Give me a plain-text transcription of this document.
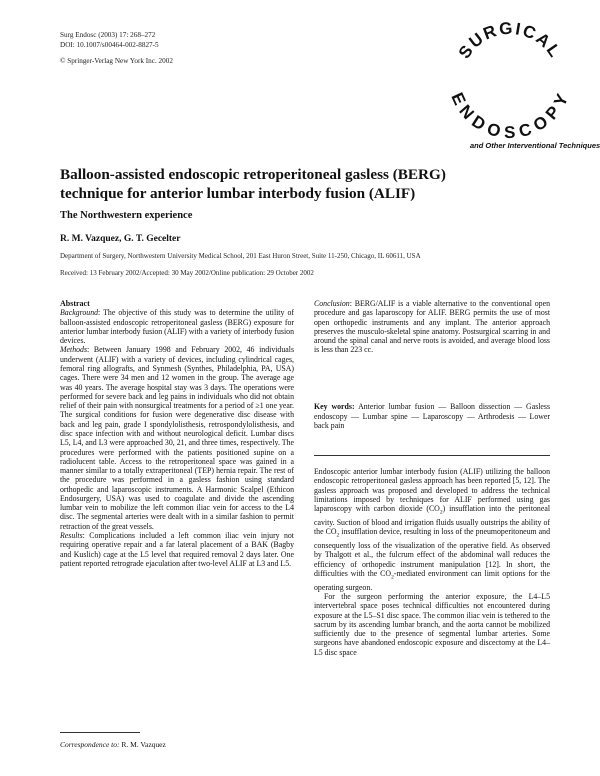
Surg Endosc (2003) 17: 268–272
DOI: 10.1007/s00464-002-8827-5
© Springer-Verlag New York Inc. 2002	SURGICAL
ENDOSCOPY
and Other Interventional Techniques
Balloon-assisted endoscopic retroperitoneal gasless (BERG)
technique for anterior lumbar interbody fusion (ALIF)
The Northwestern experience
R. M. Vazquez, G. T. Gecelter
Department of Surgery, Northwestern University Medical School, 201 East Huron Street, Suite 11-250, Chicago, IL 60611, USA
Received: 13 February 2002/Accepted: 30 May 2002/Online publication: 29 October 2002

Abstract

Background: The objective of this study was to determine the utility of balloon-assisted endoscopic retroperitoneal gasless (BERG) exposure for anterior lumbar interbody fusion (ALIF) with a variety of interbody fusion devices.

Methods: Between January 1998 and February 2002, 46 individuals underwent (ALIF) with a variety of devices, including cylindrical cages, femoral ring allografts, and Synmesh (Synthes, Philadelphia, PA, USA) cages. There were 34 men and 12 women in the group. The average age was 40 years. The average hospital stay was 3 days. The operations were performed for severe back and leg pains in individuals who did not obtain relief of their pain with nonsurgical treatments for a period of ≥1 one year. The surgical conditions for fusion were degenerative disc disease with back and leg pain, grade I spondylolisthesis, retrospondylolisthesis, and disc space infection with and without neurological deficit. Lumbar discs L5, L4, and L3 were approached 30, 21, and three times, respectively. The procedures were performed with the patients positioned supine on a radiolucent table. Access to the retroperitoneal space was gained in a manner similar to a totally extraperitoneal (TEP) hernia repair. The rest of the procedure was performed in a gasless fashion using standard orthopedic and laparoscopic instruments. A Harmonic Scalpel (Ethicon Endosurgery, USA) was used to coagulate and divide the ascending lumbar vein to mobilize the left common iliac vein for access to the L4 disc. The segmental arteries were dealt with in a similar fashion to permit retraction of the great vessels.

Results: Complications included a left common iliac vein injury not requiring operative repair and a far lateral placement of a BAK (Bagby and Kuslich) cage at the L5 level that required removal 2 days later. One patient reported retrograde ejaculation after two-level ALIF at L3 and L5.

Conclusion: BERG/ALIF is a viable alternative to the conventional open procedure and gas laparoscopy for ALIF. BERG permits the use of most open orthopedic instruments and any implant. The anterior approach preserves the musculo-skeletal spine anatomy. Postsurgical scarring in and around the spinal canal and nerve roots is avoided, and average blood loss is less than 223 cc.

Key words: Anterior lumbar fusion — Balloon dissection — Gasless endoscopy — Lumbar spine — Laparoscopy — Arthrodesis — Lower back pain

Endoscopic anterior lumbar interbody fusion (ALIF) utilizing the balloon endoscopic retroperitoneal gasless approach has been reported [5, 12]. The gasless approach was proposed and developed to address the technical limitations imposed by techniques for ALIF performed using gas laparoscopy with carbon dioxide $(CO_2)$ insufflation into the peritoneal cavity. Suction of blood and irrigation fluids usually outstrips the ability of the $CO_2$ insufflation device, resulting in loss of the pneumoperitoneum and consequently loss of the visualization of the operative field. As observed by Thalgott et al., the fulcrum effect of the abdominal wall reduces the efficiency of orthopedic instrument manipulation [12]. In short, the difficulties with the $CO_2$-mediated environment can limit options for the operating surgeon.

For the surgeon performing the anterior exposure, the L4–L5 intervertebral space poses technical difficulties not encountered during exposure at the L5–S1 disc space. The common iliac vein is tethered to the sacrum by its ascending lumbar branch, and the aorta cannot be mobilized sufficiently due to the presence of segmental lumbar arteries. Some surgeons have abandoned endoscopic exposure and discectomy at the L4–L5 disc space

Correspondence to: R. M. Vazquez
